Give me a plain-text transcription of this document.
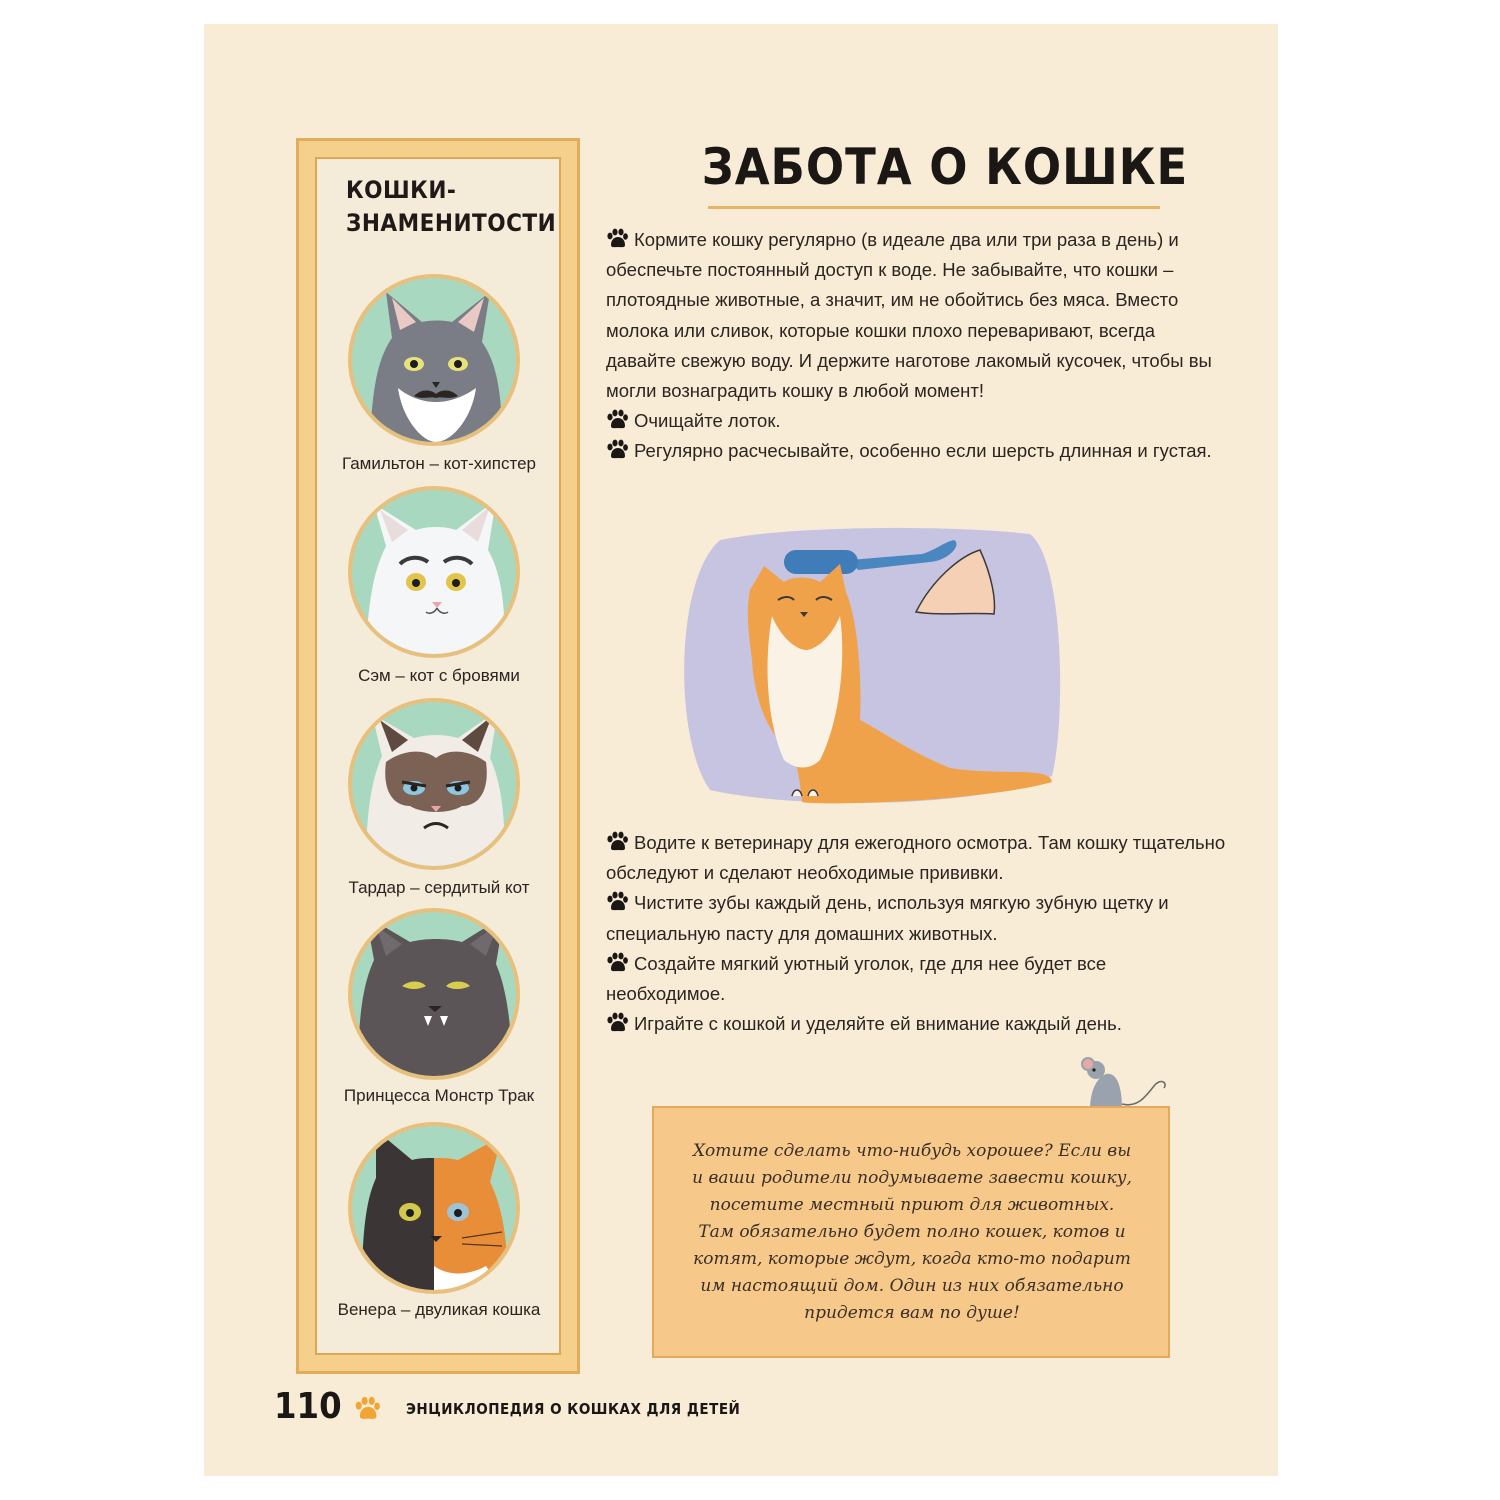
КОШКИ-
ЗНАМЕНИТОСТИ
Гамильтон – кот-хипстер
Сэм – кот с бровями
Тардар – сердитый кот
Принцесса Монстр Трак
Венера – двуликая кошка
ЗАБОТА О КОШКЕ

Кормите кошку регулярно (в идеале два или три раза в день) и обеспечьте постоянный доступ к воде. Не забывайте, что кошки – плотоядные животные, а значит, им не обойтись без мяса. Вместо молока или сливок, которые кошки плохо переваривают, всегда давайте свежую воду. И держите наготове лакомый кусочек, чтобы вы могли вознаградить кошку в любой момент!

Очищайте лоток.

Регулярно расчесывайте, особенно если шерсть длинная и густая.

Водите к ветеринару для ежегодного осмотра. Там кошку тщательно обследуют и сделают необходимые прививки.

Чистите зубы каждый день, используя мягкую зубную щетку и специальную пасту для домашних животных.

Создайте мягкий уютный уголок, где для нее будет все необходимое.

Играйте с кошкой и уделяйте ей внимание каждый день.

Хотите сделать что-нибудь хорошее? Если вы
и ваши родители подумываете завести кошку,
посетите местный приют для животных.
Там обязательно будет полно кошек, котов и
котят, которые ждут, когда кто-то подарит
им настоящий дом. Один из них обязательно
придется вам по душе!

110	ЭНЦИКЛОПЕДИЯ О КОШКАХ ДЛЯ ДЕТЕЙ
